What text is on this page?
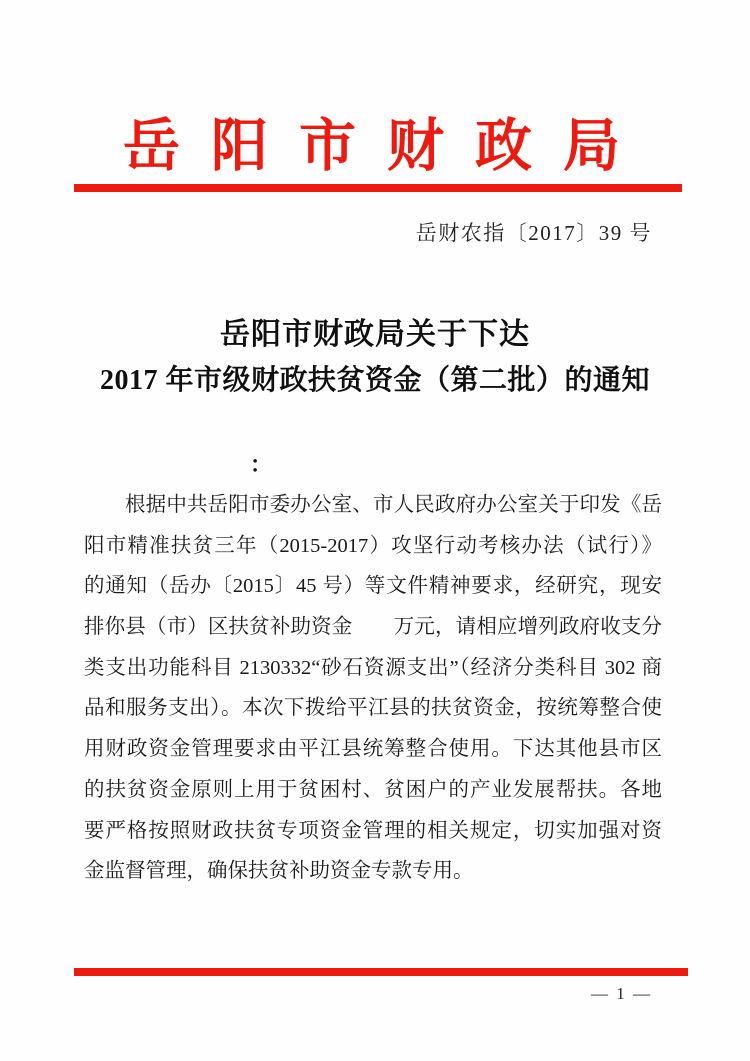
岳阳市财政局
岳财农指〔2017〕39 号
岳阳市财政局关于下达
2017 年市级财政扶贫资金（第二批）的通知
：
根据中共岳阳市委办公室、市人民政府办公室关于印发《岳
阳市精准扶贫三年（2015-2017）攻坚行动考核办法（试行）》
的通知（岳办〔2015〕45 号）等文件精神要求，经研究，现安
排你县（市）区扶贫补助资金　　万元，请相应增列政府收支分
类支出功能科目 2130332“砂石资源支出”（经济分类科目 302 商
品和服务支出）。本次下拨给平江县的扶贫资金，按统筹整合使
用财政资金管理要求由平江县统筹整合使用。下达其他县市区
的扶贫资金原则上用于贫困村、贫困户的产业发展帮扶。各地
要严格按照财政扶贫专项资金管理的相关规定，切实加强对资
金监督管理，确保扶贫补助资金专款专用。
— 1 —
